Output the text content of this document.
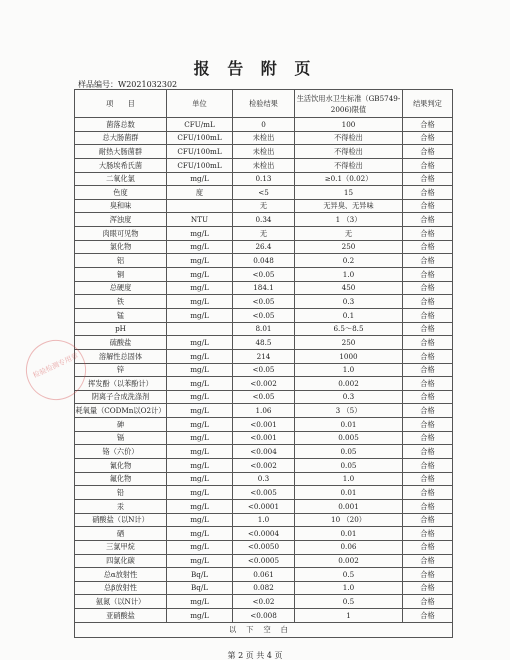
报 告 附 页
样品编号：W2021032302
项　　目	单位	检验结果	生活饮用水卫生标准（GB5749-2006)限值	结果判定
菌落总数	CFU/mL	0	100	合格
总大肠菌群	CFU/100mL	未检出	不得检出	合格
耐热大肠菌群	CFU/100mL	未检出	不得检出	合格
大肠埃希氏菌	CFU/100mL	未检出	不得检出	合格
二氧化氯	mg/L	0.13	≥0.1（0.02）	合格
色度	度	<5	15	合格
臭和味		无	无异臭、无异味	合格
浑浊度	NTU	0.34	1 （3）	合格
肉眼可见物	mg/L	无	无	合格
氯化物	mg/L	26.4	250	合格
铝	mg/L	0.048	0.2	合格
铜	mg/L	<0.05	1.0	合格
总硬度	mg/L	184.1	450	合格
铁	mg/L	<0.05	0.3	合格
锰	mg/L	<0.05	0.1	合格
pH		8.01	6.5～8.5	合格
硫酸盐	mg/L	48.5	250	合格
溶解性总固体	mg/L	214	1000	合格
锌	mg/L	<0.05	1.0	合格
挥发酚（以苯酚计）	mg/L	<0.002	0.002	合格
阴离子合成洗涤剂	mg/L	<0.05	0.3	合格
耗氧量（CODMn以O2计）	mg/L	1.06	3 （5）	合格
砷	mg/L	<0.001	0.01	合格
镉	mg/L	<0.001	0.005	合格
铬（六价）	mg/L	<0.004	0.05	合格
氰化物	mg/L	<0.002	0.05	合格
氟化物	mg/L	0.3	1.0	合格
铅	mg/L	<0.005	0.01	合格
汞	mg/L	<0.0001	0.001	合格
硝酸盐（以N计）	mg/L	1.0	10 （20）	合格
硒	mg/L	<0.0004	0.01	合格
三氯甲烷	mg/L	<0.0050	0.06	合格
四氯化碳	mg/L	<0.0005	0.002	合格
总α放射性	Bq/L	0.061	0.5	合格
总β放射性	Bq/L	0.082	1.0	合格
氨氮（以N计）	mg/L	<0.02	0.5	合格
亚硝酸盐	mg/L	<0.008	1	合格
以下空白				
检验检测专用章
第 2 页 共 4 页
